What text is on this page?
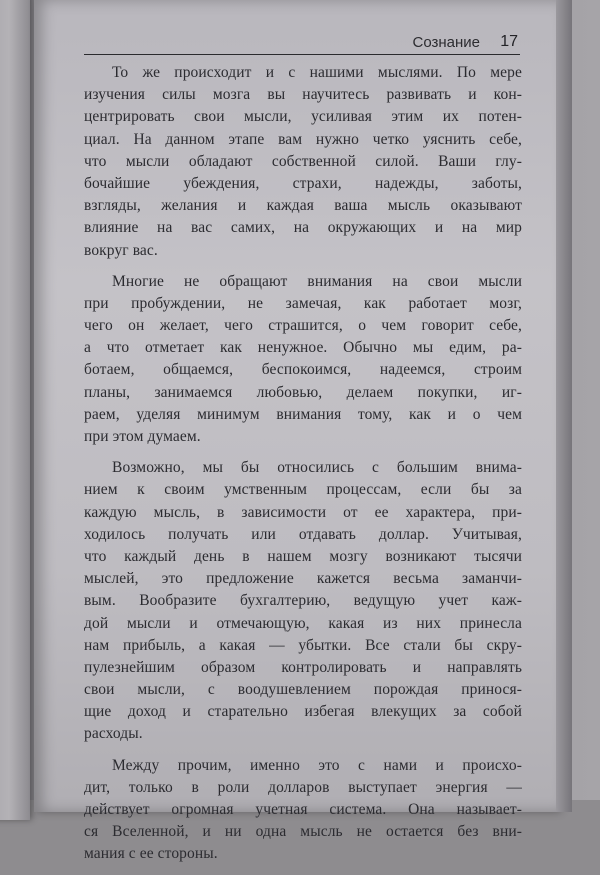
Сознание 17

То же происходит и с нашими мыслями. По мере
изучения силы мозга вы научитесь развивать и кон-
центрировать свои мысли, усиливая этим их потен-
циал. На данном этапе вам нужно четко уяснить себе,
что мысли обладают собственной силой. Ваши глу-
бочайшие убеждения, страхи, надежды, заботы,
взгляды, желания и каждая ваша мысль оказывают
влияние на вас самих, на окружающих и на мир
вокруг вас.

Многие не обращают внимания на свои мысли
при пробуждении, не замечая, как работает мозг,
чего он желает, чего страшится, о чем говорит себе,
а что отметает как ненужное. Обычно мы едим, ра-
ботаем, общаемся, беспокоимся, надеемся, строим
планы, занимаемся любовью, делаем покупки, иг-
раем, уделяя минимум внимания тому, как и о чем
при этом думаем.

Возможно, мы бы относились с большим внима-
нием к своим умственным процессам, если бы за
каждую мысль, в зависимости от ее характера, при-
ходилось получать или отдавать доллар. Учитывая,
что каждый день в нашем мозгу возникают тысячи
мыслей, это предложение кажется весьма заманчи-
вым. Вообразите бухгалтерию, ведущую учет каж-
дой мысли и отмечающую, какая из них принесла
нам прибыль, а какая — убытки. Все стали бы скру-
пулезнейшим образом контролировать и направлять
свои мысли, с воодушевлением порождая принося-
щие доход и старательно избегая влекущих за собой
расходы.

Между прочим, именно это с нами и происхо-
дит, только в роли долларов выступает энергия —
действует огромная учетная система. Она называет-
ся Вселенной, и ни одна мысль не остается без вни-
мания с ее стороны.
